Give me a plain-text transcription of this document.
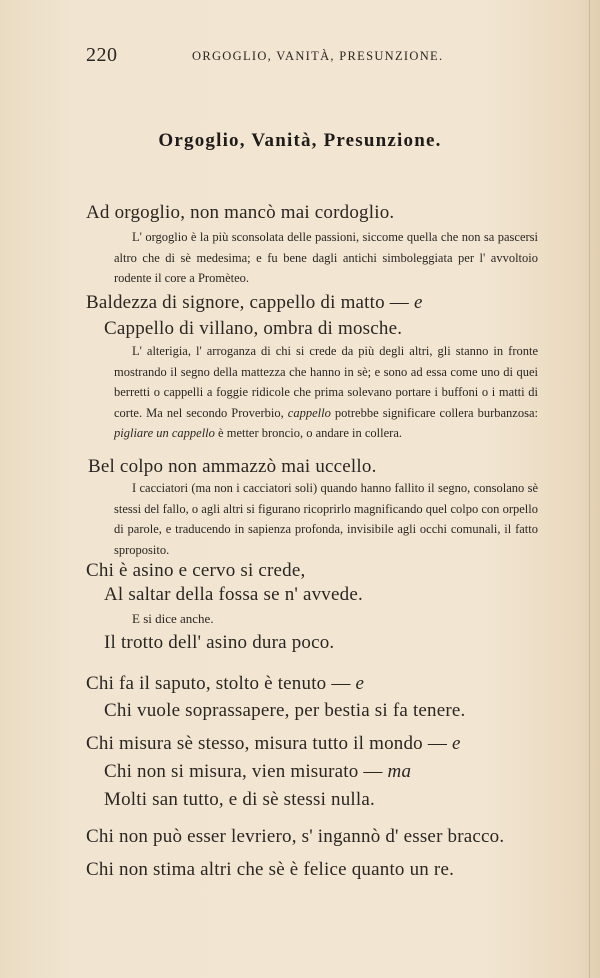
220	ORGOGLIO, VANITÀ, PRESUNZIONE.
Orgoglio, Vanità, Presunzione.
Ad orgoglio, non mancò mai cordoglio.

L' orgoglio è la più sconsolata delle passioni, siccome quella che non sa pascersi altro che di sè medesima; e fu bene dagli antichi simboleggiata per l' avvoltoio rodente il core a Promèteo.

Baldezza di signore, cappello di matto — e
Cappello di villano, ombra di mosche.

L' alterigia, l' arroganza di chi si crede da più degli altri, gli stanno in fronte mostrando il segno della mattezza che hanno in sè; e sono ad essa come uno di quei berretti o cappelli a foggie ridicole che prima solevano portare i buffoni o i matti di corte. Ma nel secondo Proverbio, cappello potrebbe significare collera burbanzosa: pigliare un cappello è metter broncio, o andare in collera.

Bel colpo non ammazzò mai uccello.

I cacciatori (ma non i cacciatori soli) quando hanno fallito il segno, consolano sè stessi del fallo, o agli altri si figurano ricoprirlo magnificando quel colpo con orpello di parole, e traducendo in sapienza profonda, invisibile agli occhi comunali, il fatto sproposito.

Chi è asino e cervo si crede,
Al saltar della fossa se n' avvede.
E si dice anche.
Il trotto dell' asino dura poco.
Chi fa il saputo, stolto è tenuto — e
Chi vuole soprassapere, per bestia si fa tenere.
Chi misura sè stesso, misura tutto il mondo — e
Chi non si misura, vien misurato — ma
Molti san tutto, e di sè stessi nulla.
Chi non può esser levriero, s' ingannò d' esser bracco.
Chi non stima altri che sè è felice quanto un re.
